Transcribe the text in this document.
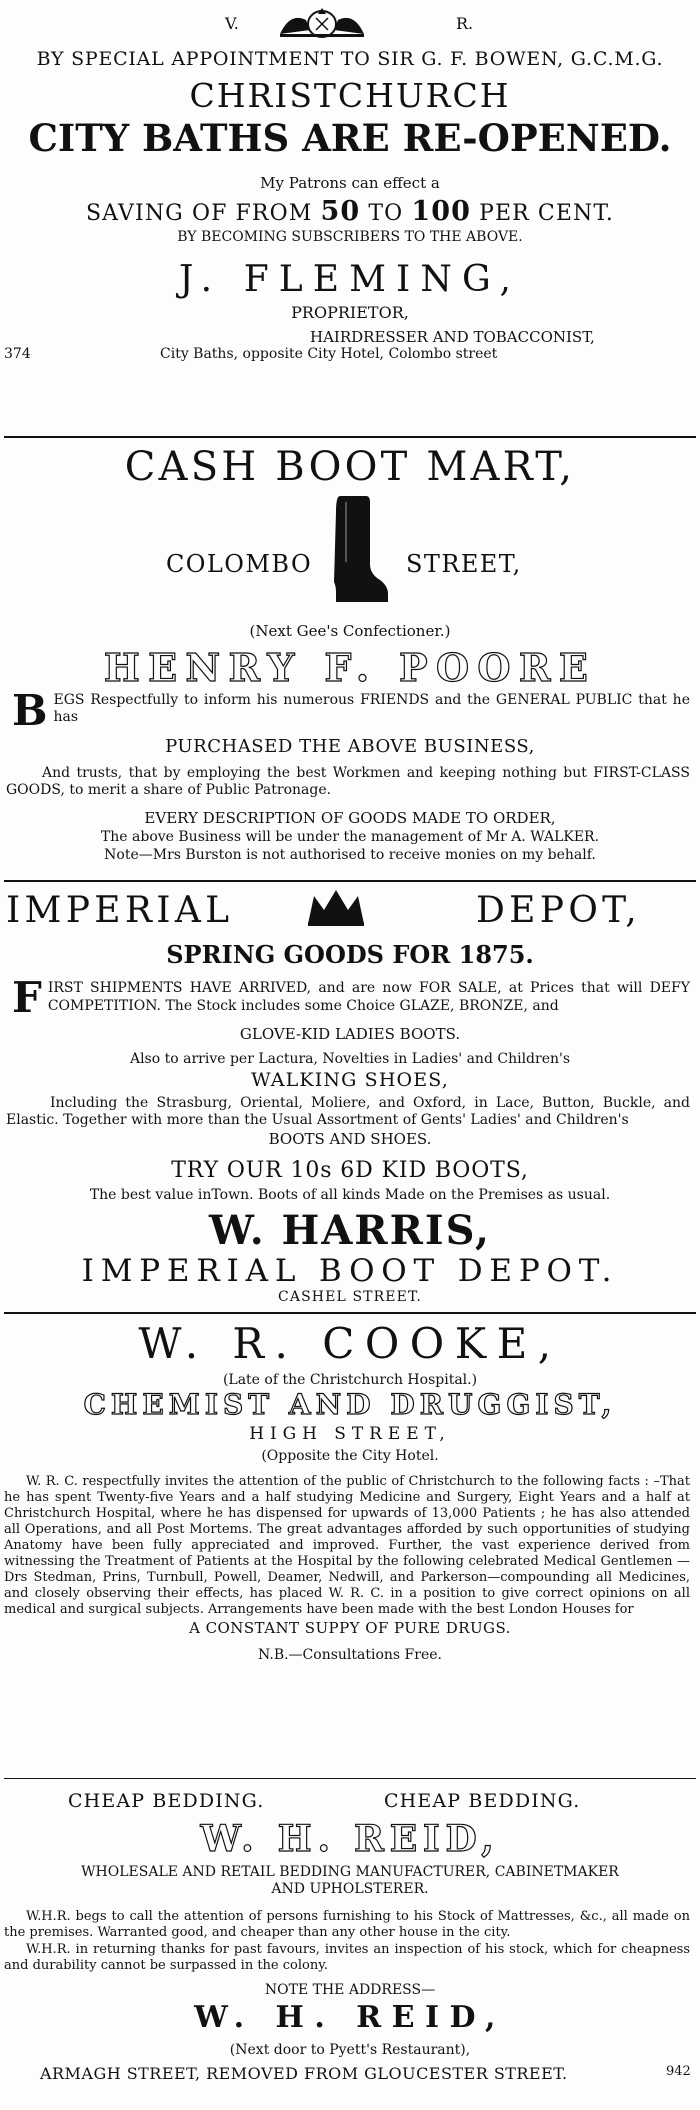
V.	R.

BY SPECIAL APPOINTMENT TO SIR G. F. BOWEN, G.C.M.G.

CHRISTCHURCH

CITY BATHS ARE RE-OPENED.

My Patrons can effect a

SAVING OF FROM 50 TO 100 PER CENT.

BY BECOMING SUBSCRIBERS TO THE ABOVE.

J. FLEMING,

PROPRIETOR,

HAIRDRESSER AND TOBACCONIST,

374	City Baths, opposite City Hotel, Colombo street

CASH BOOT MART,

COLOMBO	STREET,

(Next Gee's Confectioner.)

HENRY F. POORE

B EGS Respectfully to inform his numerous FRIENDS and the GENERAL PUBLIC that he has

PURCHASED THE ABOVE BUSINESS,

And trusts, that by employing the best Workmen and keeping nothing but FIRST-CLASS GOODS, to merit a share of Public Patronage.

EVERY DESCRIPTION OF GOODS MADE TO ORDER,

The above Business will be under the management of Mr A. WALKER.

Note—Mrs Burston is not authorised to receive monies on my behalf.

IMPERIAL	DEPOT,

SPRING GOODS FOR 1875.

F IRST SHIPMENTS HAVE ARRIVED, and are now FOR SALE, at Prices that will DEFY COMPETITION. The Stock includes some Choice GLAZE, BRONZE, and

GLOVE-KID LADIES BOOTS.

Also to arrive per Lactura, Novelties in Ladies' and Children's

WALKING SHOES,

Including the Strasburg, Oriental, Moliere, and Oxford, in Lace, Button, Buckle, and Elastic. Together with more than the Usual Assortment of Gents' Ladies' and Children's

BOOTS AND SHOES.

TRY OUR 10s 6D KID BOOTS,

The best value inTown. Boots of all kinds Made on the Premises as usual.

W. HARRIS,

IMPERIAL BOOT DEPOT.

CASHEL STREET.

W. R. COOKE,

(Late of the Christchurch Hospital.)

CHEMIST AND DRUGGIST,

HIGH STREET,

(Opposite the City Hotel.

W. R. C. respectfully invites the attention of the public of Christchurch to the following facts : –That he has spent Twenty-five Years and a half studying Medicine and Surgery, Eight Years and a half at Christchurch Hospital, where he has dispensed for upwards of 13,000 Patients ; he has also attended all Operations, and all Post Mortems. The great advantages afforded by such opportunities of studying Anatomy have been fully appreciated and improved. Further, the vast experience derived from witnessing the Treatment of Patients at the Hospital by the following celebrated Medical Gentlemen —Drs Stedman, Prins, Turnbull, Powell, Deamer, Nedwill, and Parkerson—compounding all Medicines, and closely observing their effects, has placed W. R. C. in a position to give correct opinions on all medical and surgical subjects. Arrangements have been made with the best London Houses for

A CONSTANT SUPPY OF PURE DRUGS.

N.B.—Consultations Free.

CHEAP BEDDING.	CHEAP BEDDING.

W. H. REID,

WHOLESALE AND RETAIL BEDDING MANUFACTURER, CABINETMAKER

AND UPHOLSTERER.

W.H.R. begs to call the attention of persons furnishing to his Stock of Mattresses, &c., all made on the premises. Warranted good, and cheaper than any other house in the city.

W.H.R. in returning thanks for past favours, invites an inspection of his stock, which for cheapness and durability cannot be surpassed in the colony.

NOTE THE ADDRESS—

W. H. REID,

(Next door to Pyett's Restaurant),

ARMAGH STREET, REMOVED FROM GLOUCESTER STREET.	942
